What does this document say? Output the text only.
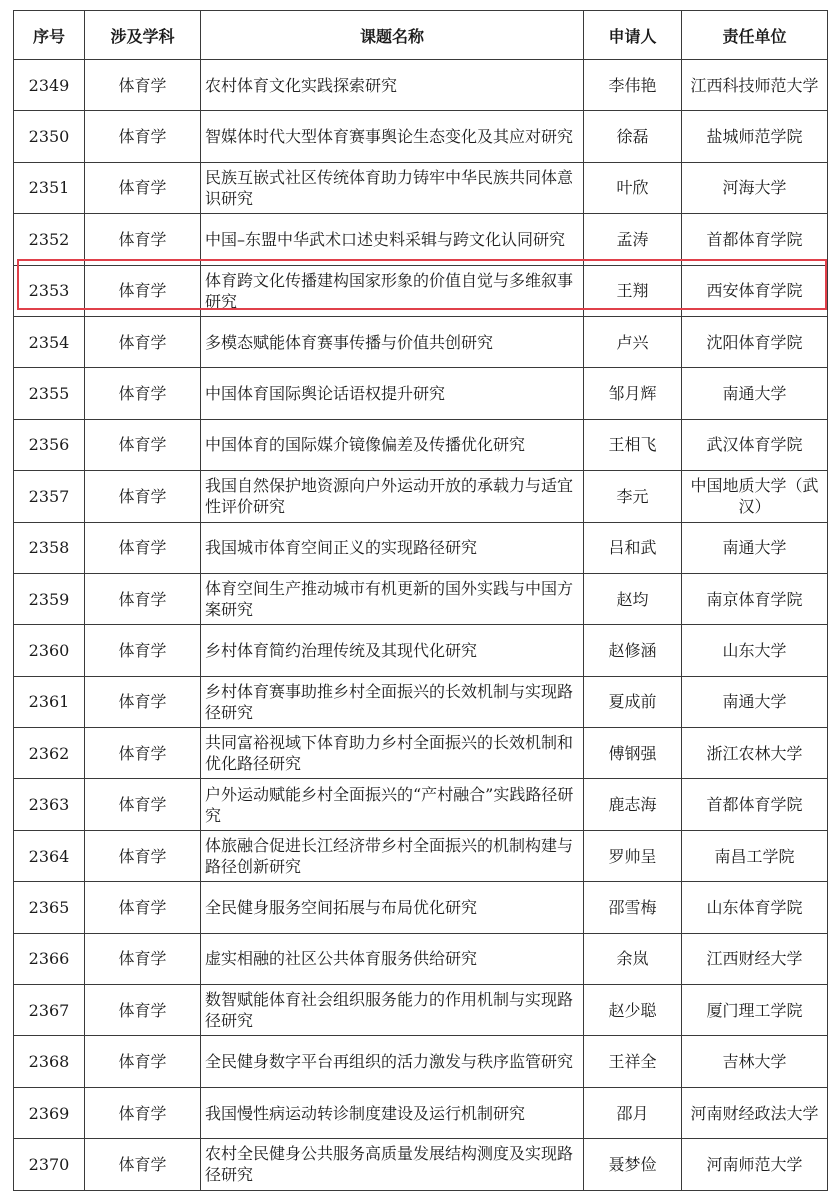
序号	涉及学科	课题名称	申请人	责任单位
2349	体育学	农村体育文化实践探索研究	李伟艳	江西科技师范大学
2350	体育学	智媒体时代大型体育赛事舆论生态变化及其应对研究	徐磊	盐城师范学院
2351	体育学	民族互嵌式社区传统体育助力铸牢中华民族共同体意识研究	叶欣	河海大学
2352	体育学	中国–东盟中华武术口述史料采辑与跨文化认同研究	孟涛	首都体育学院
2353	体育学	体育跨文化传播建构国家形象的价值自觉与多维叙事研究	王翔	西安体育学院
2354	体育学	多模态赋能体育赛事传播与价值共创研究	卢兴	沈阳体育学院
2355	体育学	中国体育国际舆论话语权提升研究	邹月辉	南通大学
2356	体育学	中国体育的国际媒介镜像偏差及传播优化研究	王相飞	武汉体育学院
2357	体育学	我国自然保护地资源向户外运动开放的承载力与适宜性评价研究	李元	中国地质大学（武汉）
2358	体育学	我国城市体育空间正义的实现路径研究	吕和武	南通大学
2359	体育学	体育空间生产推动城市有机更新的国外实践与中国方案研究	赵均	南京体育学院
2360	体育学	乡村体育简约治理传统及其现代化研究	赵修涵	山东大学
2361	体育学	乡村体育赛事助推乡村全面振兴的长效机制与实现路径研究	夏成前	南通大学
2362	体育学	共同富裕视域下体育助力乡村全面振兴的长效机制和优化路径研究	傅钢强	浙江农林大学
2363	体育学	户外运动赋能乡村全面振兴的“产村融合”实践路径研究	鹿志海	首都体育学院
2364	体育学	体旅融合促进长江经济带乡村全面振兴的机制构建与路径创新研究	罗帅呈	南昌工学院
2365	体育学	全民健身服务空间拓展与布局优化研究	邵雪梅	山东体育学院
2366	体育学	虚实相融的社区公共体育服务供给研究	余岚	江西财经大学
2367	体育学	数智赋能体育社会组织服务能力的作用机制与实现路径研究	赵少聪	厦门理工学院
2368	体育学	全民健身数字平台再组织的活力激发与秩序监管研究	王祥全	吉林大学
2369	体育学	我国慢性病运动转诊制度建设及运行机制研究	邵月	河南财经政法大学
2370	体育学	农村全民健身公共服务高质量发展结构测度及实现路径研究	聂梦俭	河南师范大学
